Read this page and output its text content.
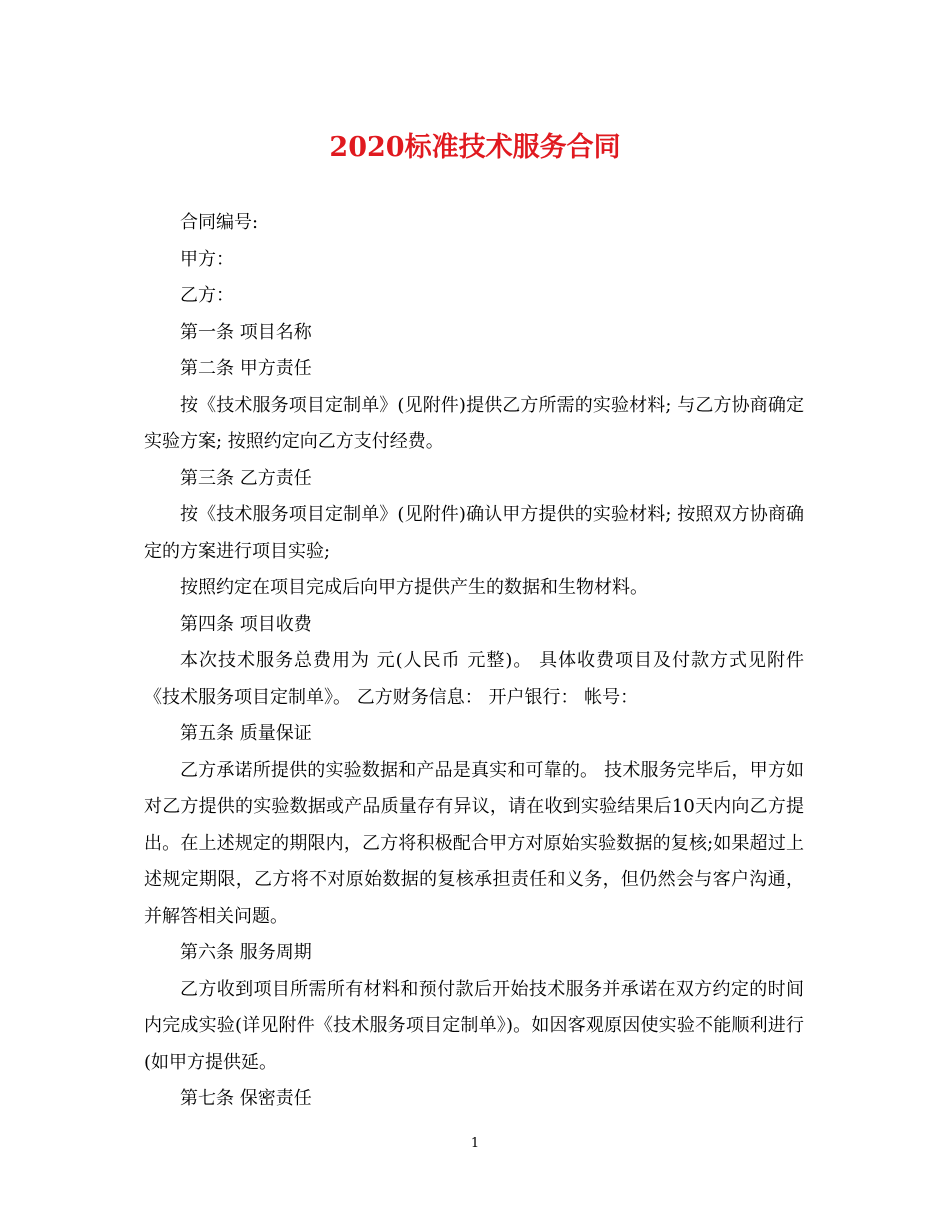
2020标准技术服务合同

合同编号:

甲方：

乙方：

第一条 项目名称

第二条 甲方责任

按《技术服务项目定制单》(见附件)提供乙方所需的实验材料; 与乙方协商确定实验方案; 按照约定向乙方支付经费。

第三条 乙方责任

按《技术服务项目定制单》(见附件)确认甲方提供的实验材料; 按照双方协商确定的方案进行项目实验;

按照约定在项目完成后向甲方提供产生的数据和生物材料。

第四条 项目收费

本次技术服务总费用为 元(人民币 元整)。 具体收费项目及付款方式见附件《技术服务项目定制单》。 乙方财务信息： 开户银行： 帐号：

第五条 质量保证

乙方承诺所提供的实验数据和产品是真实和可靠的。 技术服务完毕后，甲方如对乙方提供的实验数据或产品质量存有异议，请在收到实验结果后10天内向乙方提出。在上述规定的期限内，乙方将积极配合甲方对原始实验数据的复核;如果超过上述规定期限，乙方将不对原始数据的复核承担责任和义务，但仍然会与客户沟通，并解答相关问题。

第六条 服务周期

乙方收到项目所需所有材料和预付款后开始技术服务并承诺在双方约定的时间内完成实验(详见附件《技术服务项目定制单》)。如因客观原因使实验不能顺利进行(如甲方提供延。

第七条 保密责任

1
